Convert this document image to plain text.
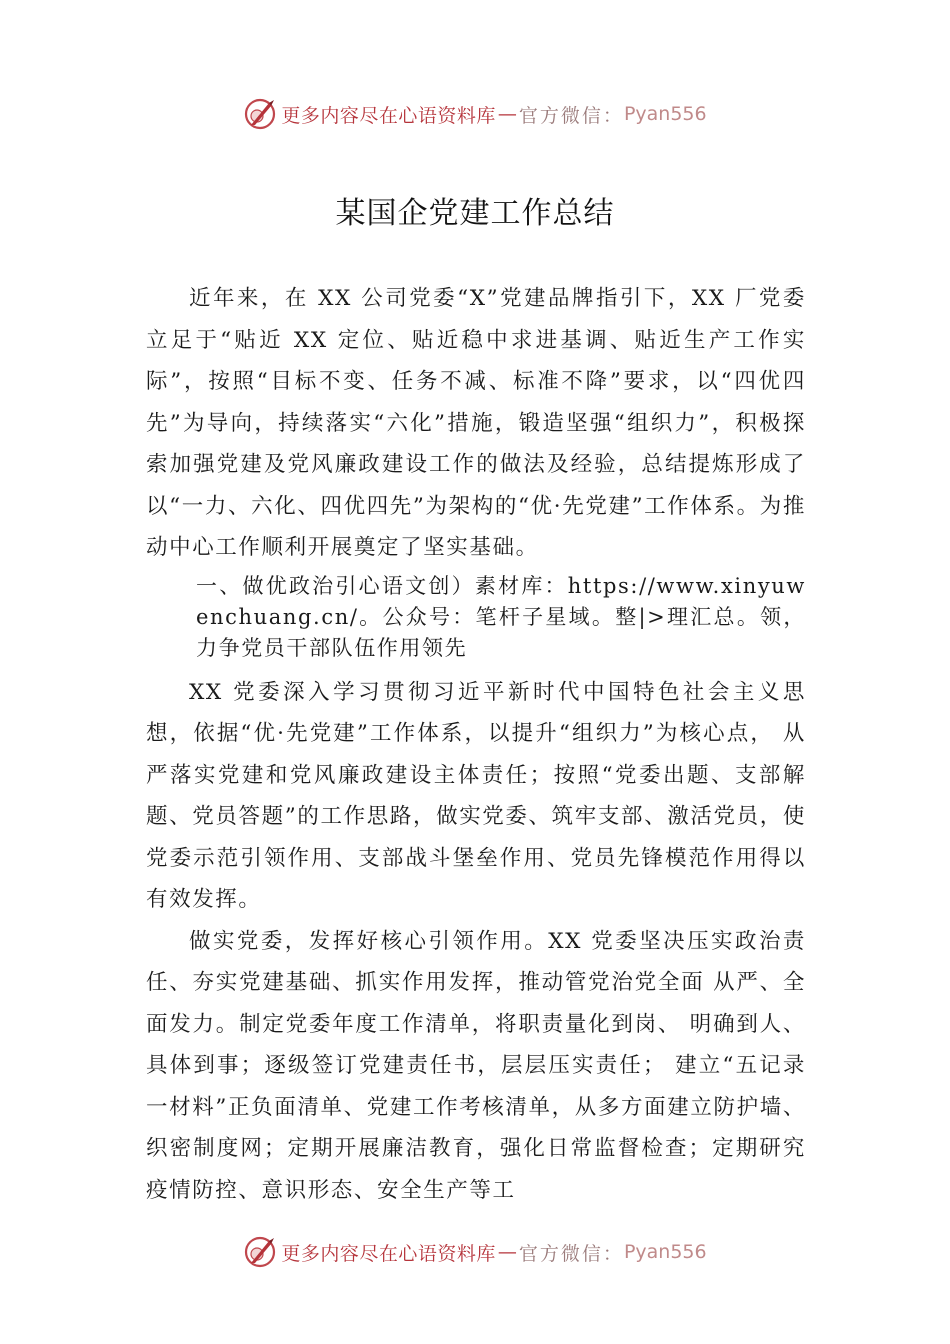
更多内容尽在心语资料库 — 官方微信： Pyan556
某国企党建工作总结

近年来，在 XX 公司党委“X”党建品牌指引下，XX 厂党委立足于“贴近 XX 定位、贴近稳中求进基调、贴近生产工作实际”，按照“目标不变、任务不减、标准不降”要求，以“四优四先”为导向，持续落实“六化”措施，锻造坚强“组织力”，积极探索加强党建及党风廉政建设工作的做法及经验，总结提炼形成了以“一力、六化、四优四先”为架构的“优·先党建”工作体系。为推动中心工作顺利开展奠定了坚实基础。

一、做优政治引心语文创）素材库：https://www.xinyuwenchuang.cn/。公众号：笔杆子星域。整|>理汇总。领，力争党员干部队伍作用领先

XX 党委深入学习贯彻习近平新时代中国特色社会主义思想，依据“优·先党建”工作体系，以提升“组织力”为核心点， 从严落实党建和党风廉政建设主体责任；按照“党委出题、支部解题、党员答题”的工作思路，做实党委、筑牢支部、激活党员，使党委示范引领作用、支部战斗堡垒作用、党员先锋模范作用得以有效发挥。

做实党委，发挥好核心引领作用。XX 党委坚决压实政治责任、夯实党建基础、抓实作用发挥，推动管党治党全面 从严、全面发力。制定党委年度工作清单，将职责量化到岗、 明确到人、具体到事；逐级签订党建责任书，层层压实责任； 建立“五记录一材料”正负面清单、党建工作考核清单，从多方面建立防护墙、织密制度网；定期开展廉洁教育，强化日常监督检查；定期研究疫情防控、意识形态、安全生产等工

更多内容尽在心语资料库 — 官方微信： Pyan556
